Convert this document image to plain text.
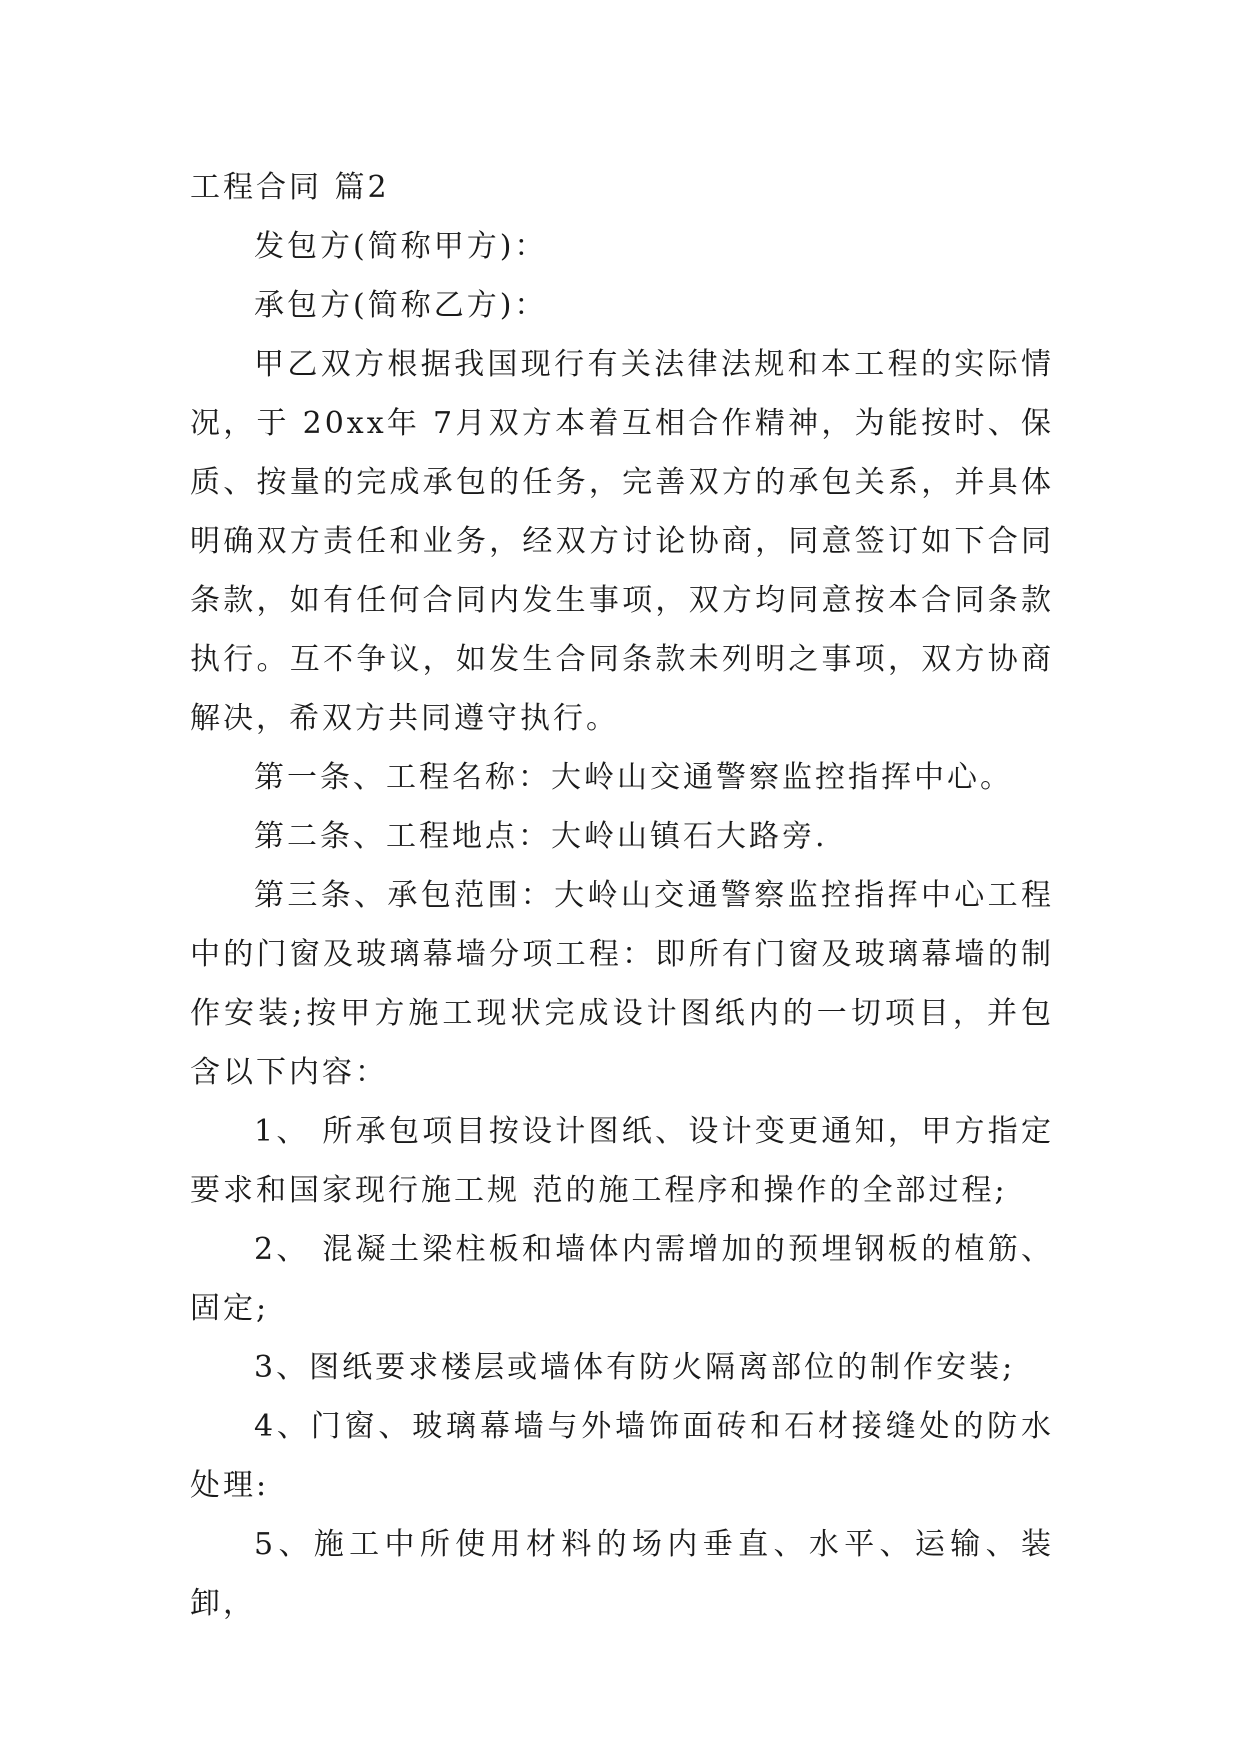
工程合同 篇2

发包方(简称甲方)：

承包方(简称乙方)：

甲乙双方根据我国现行有关法律法规和本工程的实际情况，于 20xx年 7月双方本着互相合作精神，为能按时、保质、按量的完成承包的任务，完善双方的承包关系，并具体明确双方责任和业务，经双方讨论协商，同意签订如下合同条款，如有任何合同内发生事项，双方均同意按本合同条款执行。互不争议，如发生合同条款未列明之事项，双方协商解决，希双方共同遵守执行。

第一条、工程名称：大岭山交通警察监控指挥中心。

第二条、工程地点：大岭山镇石大路旁.

第三条、承包范围：大岭山交通警察监控指挥中心工程中的门窗及玻璃幕墙分项工程：即所有门窗及玻璃幕墙的制作安装;按甲方施工现状完成设计图纸内的一切项目，并包含以下内容：

1、 所承包项目按设计图纸、设计变更通知，甲方指定要求和国家现行施工规 范的施工程序和操作的全部过程;

2、 混凝土梁柱板和墙体内需增加的预埋钢板的植筋、固定;

3、图纸要求楼层或墙体有防火隔离部位的制作安装;

4、门窗、玻璃幕墙与外墙饰面砖和石材接缝处的防水处理:

5、施工中所使用材料的场内垂直、水平、运输、装卸，
